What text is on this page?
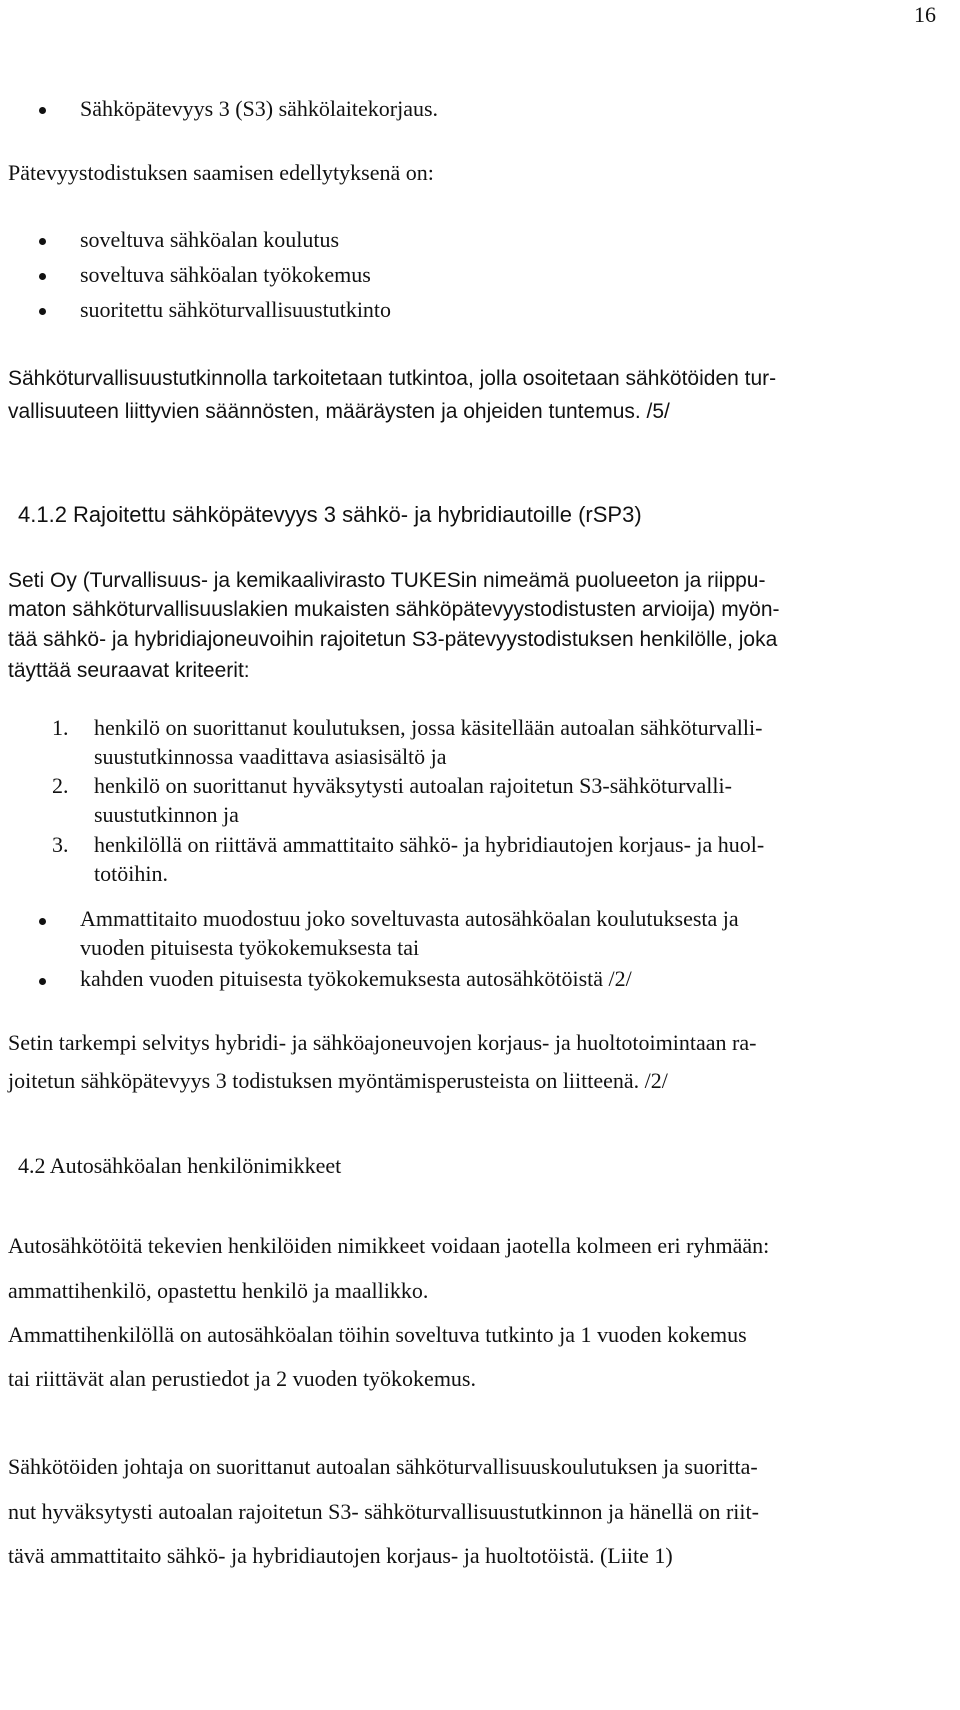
16
Sähköpätevyys 3 (S3) sähkölaitekorjaus.
Pätevyystodistuksen saamisen edellytyksenä on:
soveltuva sähköalan koulutus
soveltuva sähköalan työkokemus
suoritettu sähköturvallisuustutkinto
Sähköturvallisuustutkinnolla tarkoitetaan tutkintoa, jolla osoitetaan sähkötöiden tur-
vallisuuteen liittyvien säännösten, määräysten ja ohjeiden tuntemus. /5/
4.1.2 Rajoitettu sähköpätevyys 3 sähkö- ja hybridiautoille (rSP3)
Seti Oy (Turvallisuus- ja kemikaalivirasto TUKESin nimeämä puolueeton ja riippu-
maton sähköturvallisuuslakien mukaisten sähköpätevyystodistusten arvioija) myön-
tää sähkö- ja hybridiajoneuvoihin rajoitetun S3-pätevyystodistuksen henkilölle, joka
täyttää seuraavat kriteerit:
1. henkilö on suorittanut koulutuksen, jossa käsitellään autoalan sähköturvalli-
suustutkinnossa vaadittava asiasisältö ja
2. henkilö on suorittanut hyväksytysti autoalan rajoitetun S3-sähköturvalli-
suustutkinnon ja
3. henkilöllä on riittävä ammattitaito sähkö- ja hybridiautojen korjaus- ja huol-
totöihin.
Ammattitaito muodostuu joko soveltuvasta autosähköalan koulutuksesta ja
vuoden pituisesta työkokemuksesta tai
kahden vuoden pituisesta työkokemuksesta autosähkötöistä /2/
Setin tarkempi selvitys hybridi- ja sähköajoneuvojen korjaus- ja huoltotoimintaan ra-
joitetun sähköpätevyys 3 todistuksen myöntämisperusteista on liitteenä. /2/
4.2 Autosähköalan henkilönimikkeet
Autosähkötöitä tekevien henkilöiden nimikkeet voidaan jaotella kolmeen eri ryhmään:
ammattihenkilö, opastettu henkilö ja maallikko.
Ammattihenkilöllä on autosähköalan töihin soveltuva tutkinto ja 1 vuoden kokemus
tai riittävät alan perustiedot ja 2 vuoden työkokemus.
Sähkötöiden johtaja on suorittanut autoalan sähköturvallisuuskoulutuksen ja suoritta-
nut hyväksytysti autoalan rajoitetun S3- sähköturvallisuustutkinnon ja hänellä on riit-
tävä ammattitaito sähkö- ja hybridiautojen korjaus- ja huoltotöistä. (Liite 1)
